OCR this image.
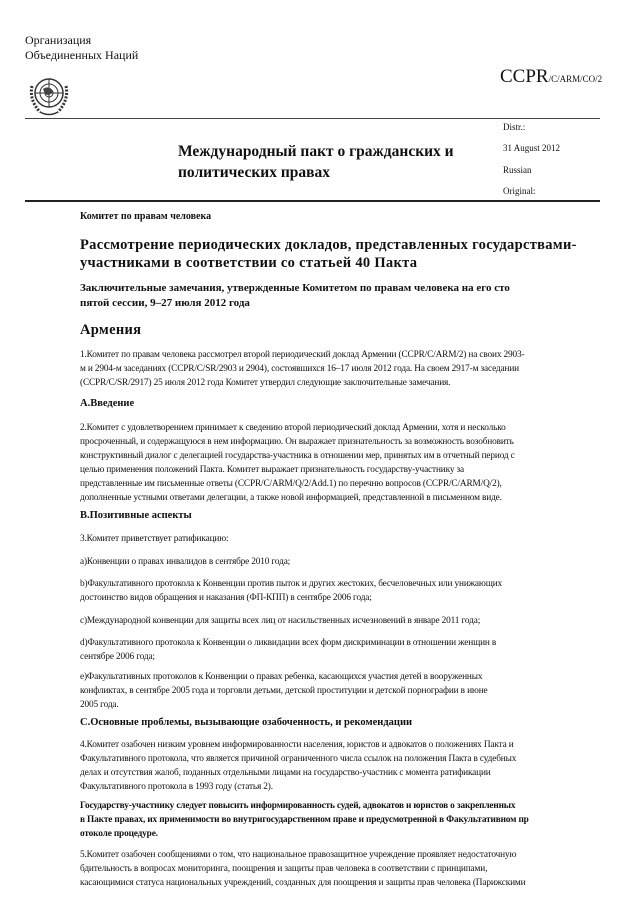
Организация
Объединенных Наций
CCPR/C/ARM/CO/2
Distr.:
31 August 2012
Russian
Original:
Международный пакт о гражданских и
политических правах
Комитет по правам человека
Рассмотрение периодических докладов, представленных государствами-
участниками в соответствии со статьей 40 Пакта
Заключительные замечания, утвержденные Комитетом по правам человека на его сто
пятой сессии, 9–27 июля 2012 года
Армения
1.Комитет по правам человека рассмотрел второй периодический доклад Армении (CCPR/C/ARM/2) на своих 2903-
м и 2904-м заседаниях (CCPR/C/SR/2903 и 2904), состоявшихся 16–17 июля 2012 года. На своем 2917-м заседании
(CCPR/C/SR/2917) 25 июля 2012 года Комитет утвердил следующие заключительные замечания.
A.Введение
2.Комитет с удовлетворением принимает к сведению второй периодический доклад Армении, хотя и несколько
просроченный, и содержащуюся в нем информацию. Он выражает признательность за возможность возобновить
конструктивный диалог с делегацией государства-участника в отношении мер, принятых им в отчетный период с
целью применения положений Пакта. Комитет выражает признательность государству-участнику за
представленные им письменные ответы (CCPR/C/ARM/Q/2/Add.1) по перечню вопросов (CCPR/C/ARM/Q/2),
дополненные устными ответами делегации, а также новой информацией, представленной в письменном виде.
B.Позитивные аспекты
3.Комитет приветствует ратификацию:
a)Конвенции о правах инвалидов в сентябре 2010 года;
b)Факультативного протокола к Конвенции против пыток и других жестоких, бесчеловечных или унижающих
достоинство видов обращения и наказания (ФП-КПП) в сентябре 2006 года;
c)Международной конвенции для защиты всех лиц от насильственных исчезновений в январе 2011 года;
d)Факультативного протокола к Конвенции о ликвидации всех форм дискриминации в отношении женщин в
сентябре 2006 года;
e)Факультативных протоколов к Конвенции о правах ребенка, касающихся участия детей в вооруженных
конфликтах, в сентябре 2005 года и торговли детьми, детской проституции и детской порнографии в июне
2005 года.
C.Основные проблемы, вызывающие озабоченность, и рекомендации
4.Комитет озабочен низким уровнем информированности населения, юристов и адвокатов о положениях Пакта и
Факультативного протокола, что является причиной ограниченного числа ссылок на положения Пакта в судебных
делах и отсутствия жалоб, поданных отдельными лицами на государство-участник с момента ратификации
Факультативного протокола в 1993 году (статья 2).
Государству-участнику следует повысить информированность судей, адвокатов и юристов о закрепленных
в Пакте правах, их применимости во внутригосударственном праве и предусмотренной в Факультативном пр
отоколе процедуре.
5.Комитет озабочен сообщениями о том, что национальное правозащитное учреждение проявляет недостаточную
бдительность в вопросах мониторинга, поощрения и защиты прав человека в соответствии с принципами,
касающимися статуса национальных учреждений, созданных для поощрения и защиты прав человека (Парижскими
